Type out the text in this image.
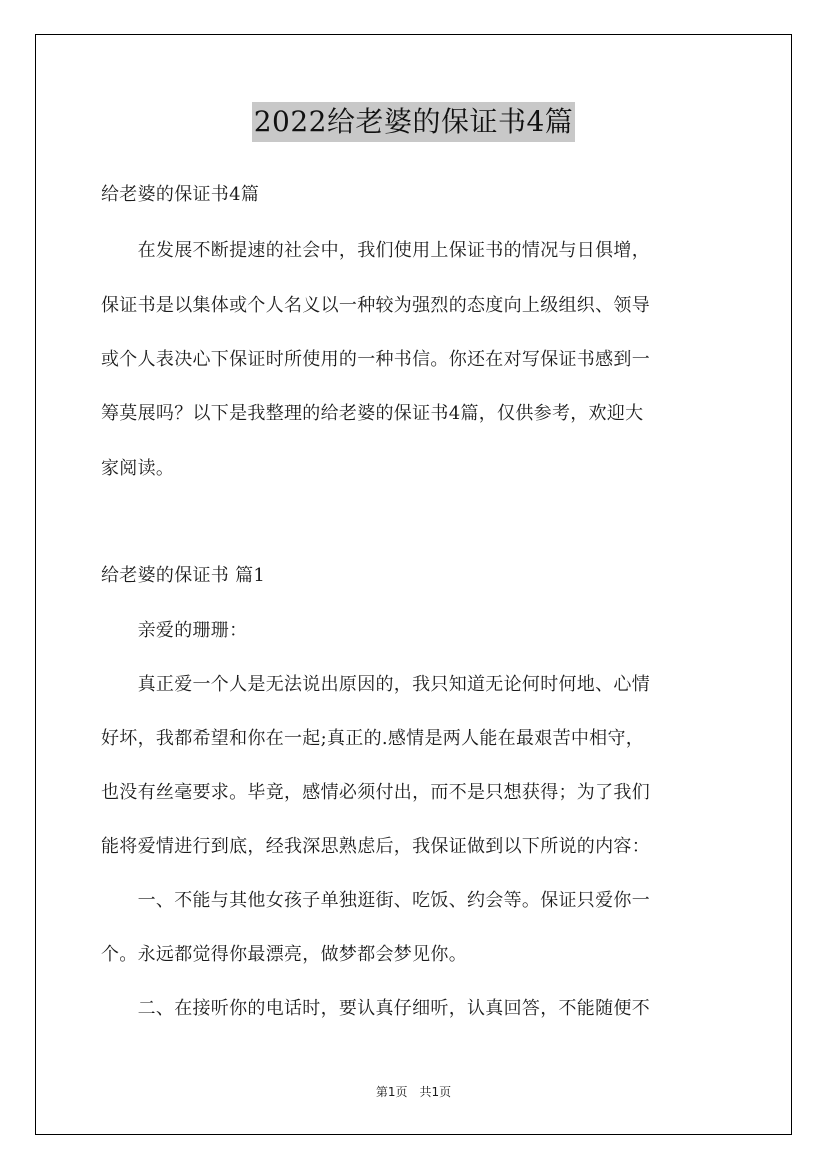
2022给老婆的保证书4篇
给老婆的保证书4篇
　　在发展不断提速的社会中，我们使用上保证书的情况与日俱增，
保证书是以集体或个人名义以一种较为强烈的态度向上级组织、领导
或个人表决心下保证时所使用的一种书信。你还在对写保证书感到一
筹莫展吗？以下是我整理的给老婆的保证书4篇，仅供参考，欢迎大
家阅读。
给老婆的保证书 篇1
　　亲爱的珊珊：
　　真正爱一个人是无法说出原因的，我只知道无论何时何地、心情
好坏，我都希望和你在一起;真正的.感情是两人能在最艰苦中相守，
也没有丝毫要求。毕竟，感情必须付出，而不是只想获得；为了我们
能将爱情进行到底，经我深思熟虑后，我保证做到以下所说的内容：
　　一、不能与其他女孩子单独逛街、吃饭、约会等。保证只爱你一
个。永远都觉得你最漂亮，做梦都会梦见你。
　　二、在接听你的电话时，要认真仔细听，认真回答，不能随便不
第1页　共1页
